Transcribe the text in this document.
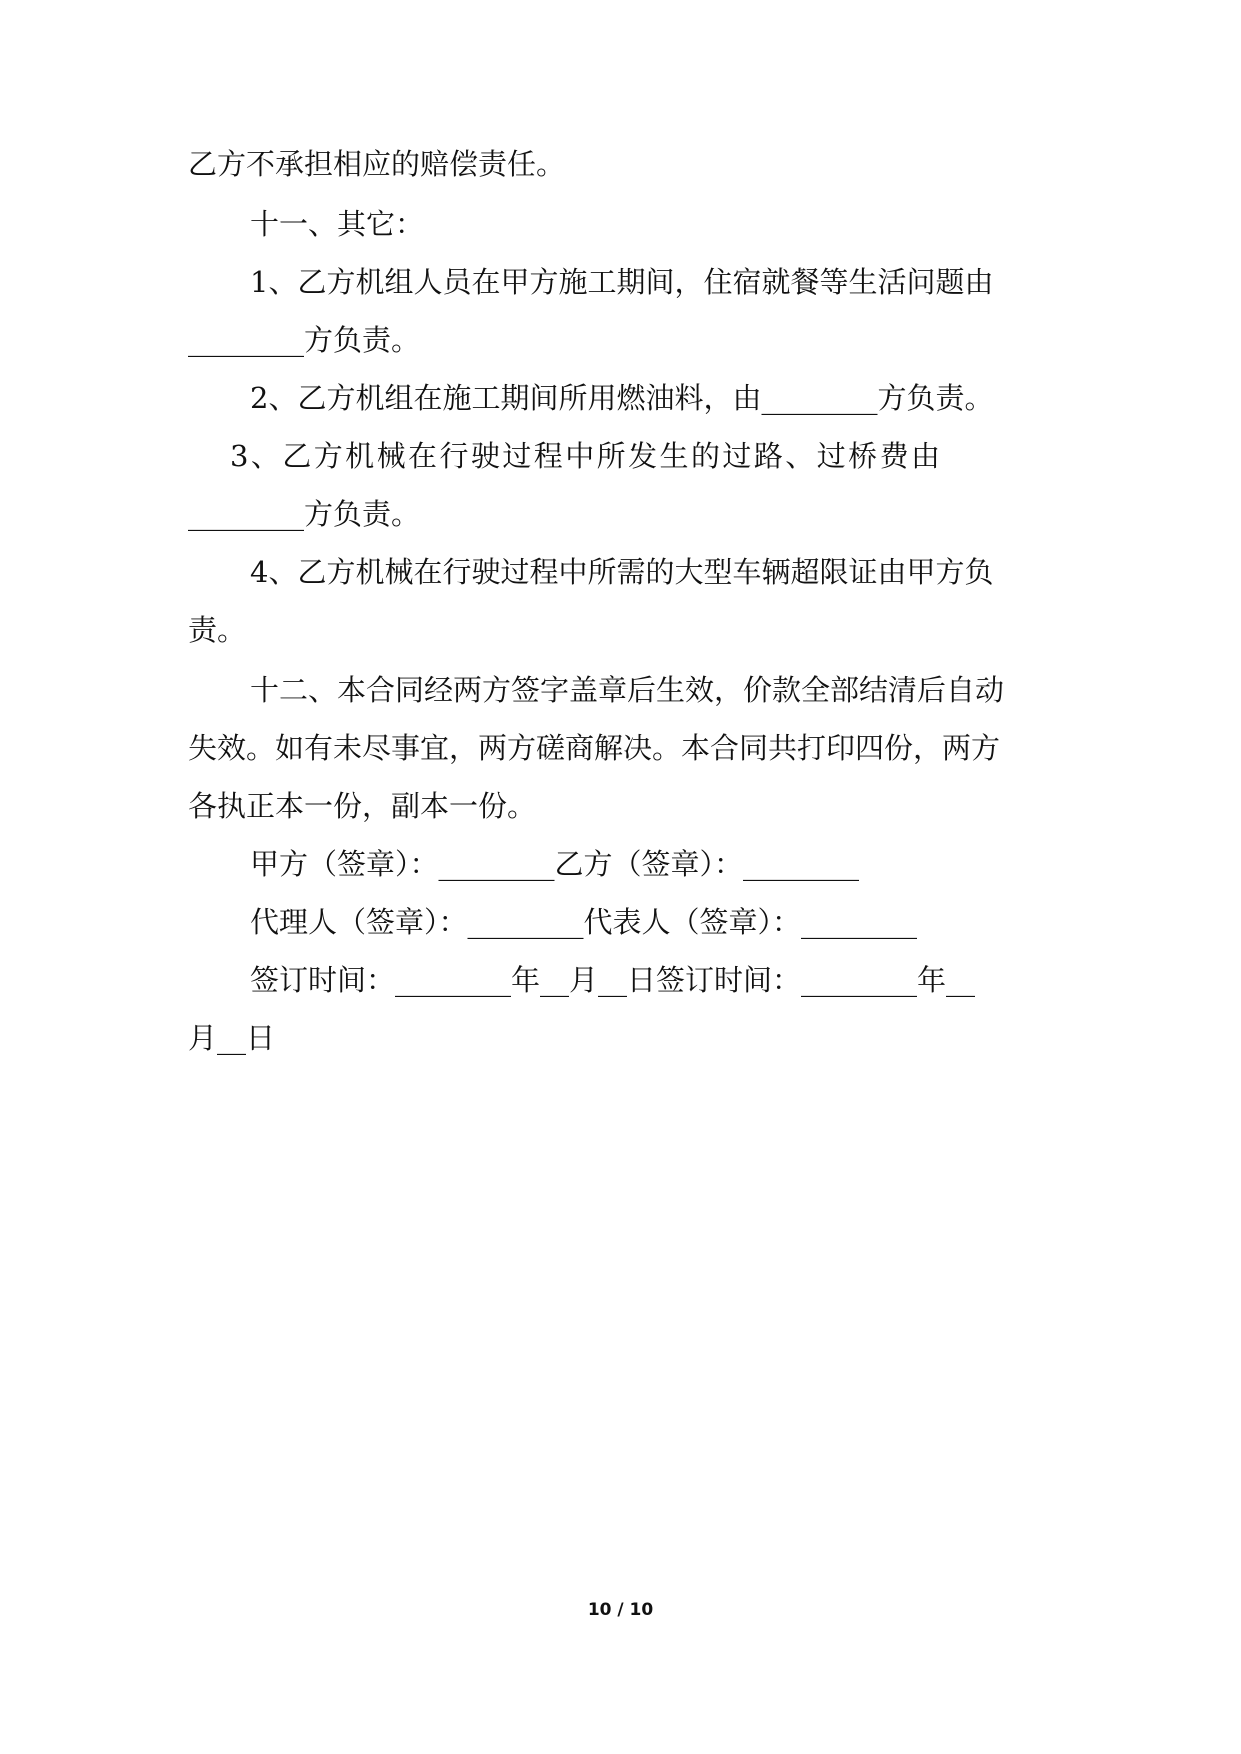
乙方不承担相应的赔偿责任。
十一、其它：
1、乙方机组人员在甲方施工期间，住宿就餐等生活问题由
________方负责。
2、乙方机组在施工期间所用燃油料，由________方负责。
3、乙方机械在行驶过程中所发生的过路、过桥费由
________方负责。
4、乙方机械在行驶过程中所需的大型车辆超限证由甲方负
责。
十二、本合同经两方签字盖章后生效，价款全部结清后自动
失效。如有未尽事宜，两方磋商解决。本合同共打印四份，两方
各执正本一份，副本一份。
甲方（签章）：________乙方（签章）：________
代理人（签章）：________代表人（签章）：________
签订时间：________年__月__日签订时间：________年__
月__日
10 / 10
